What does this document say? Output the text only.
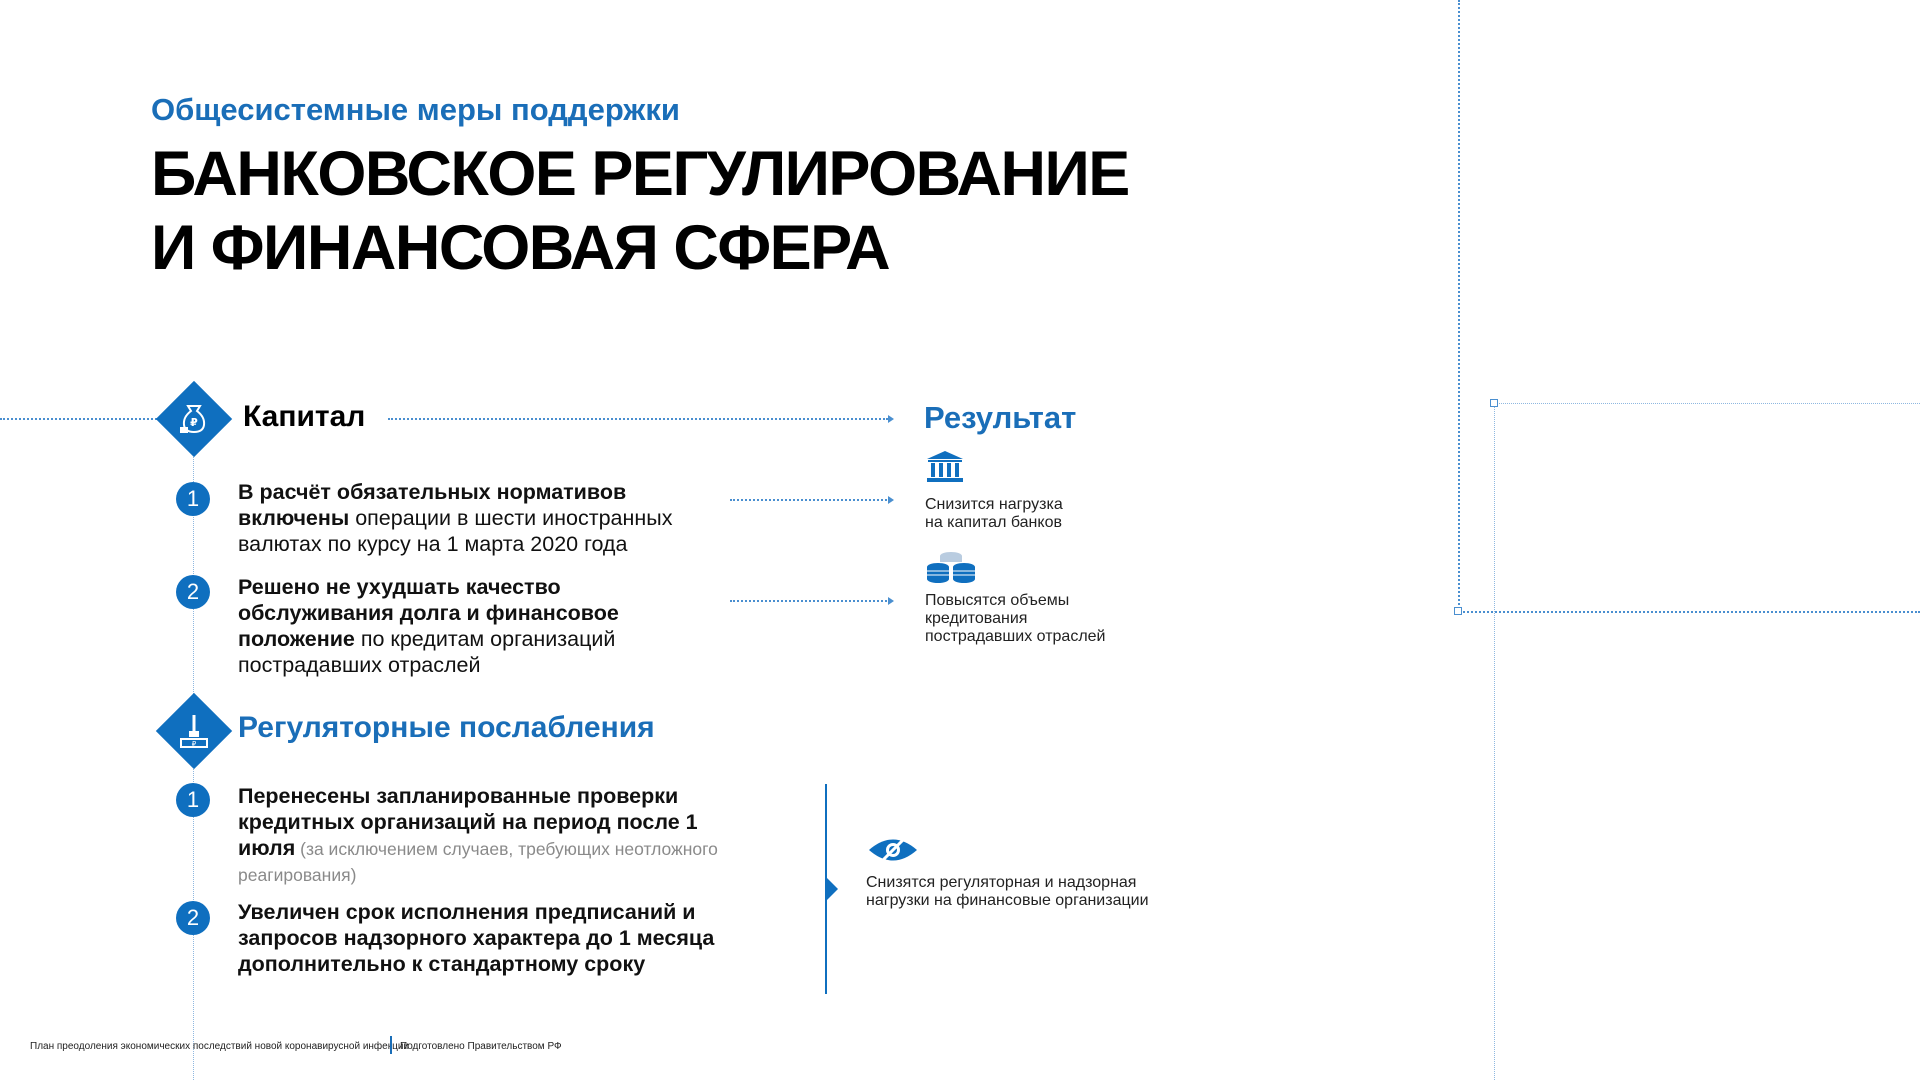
Общесистемные меры поддержки
БАНКОВСКОЕ РЕГУЛИРОВАНИЕ
И ФИНАНСОВАЯ СФЕРА
₽ Капитал
1	В расчёт обязательных нормативов включены операции в шести иностранных валютах по курсу на 1 марта 2020 года
2	Решено не ухудшать качество обслуживания долга и финансовое положение по кредитам организаций пострадавших отраслей
Результат
Снизится нагрузка
на капитал банков
Повысятся объемы
кредитования
пострадавших отраслей
₽ Регуляторные послабления
1	Перенесены запланированные проверки кредитных организаций на период после 1 июля (за исключением случаев, требующих неотложного реагирования)
2	Увеличен срок исполнения предписаний и запросов надзорного характера до 1 месяца дополнительно к стандартному сроку
Снизятся регуляторная и надзорная
нагрузки на финансовые организации
План преодоления экономических последствий новой коронавирусной инфекции
Подготовлено Правительством РФ
